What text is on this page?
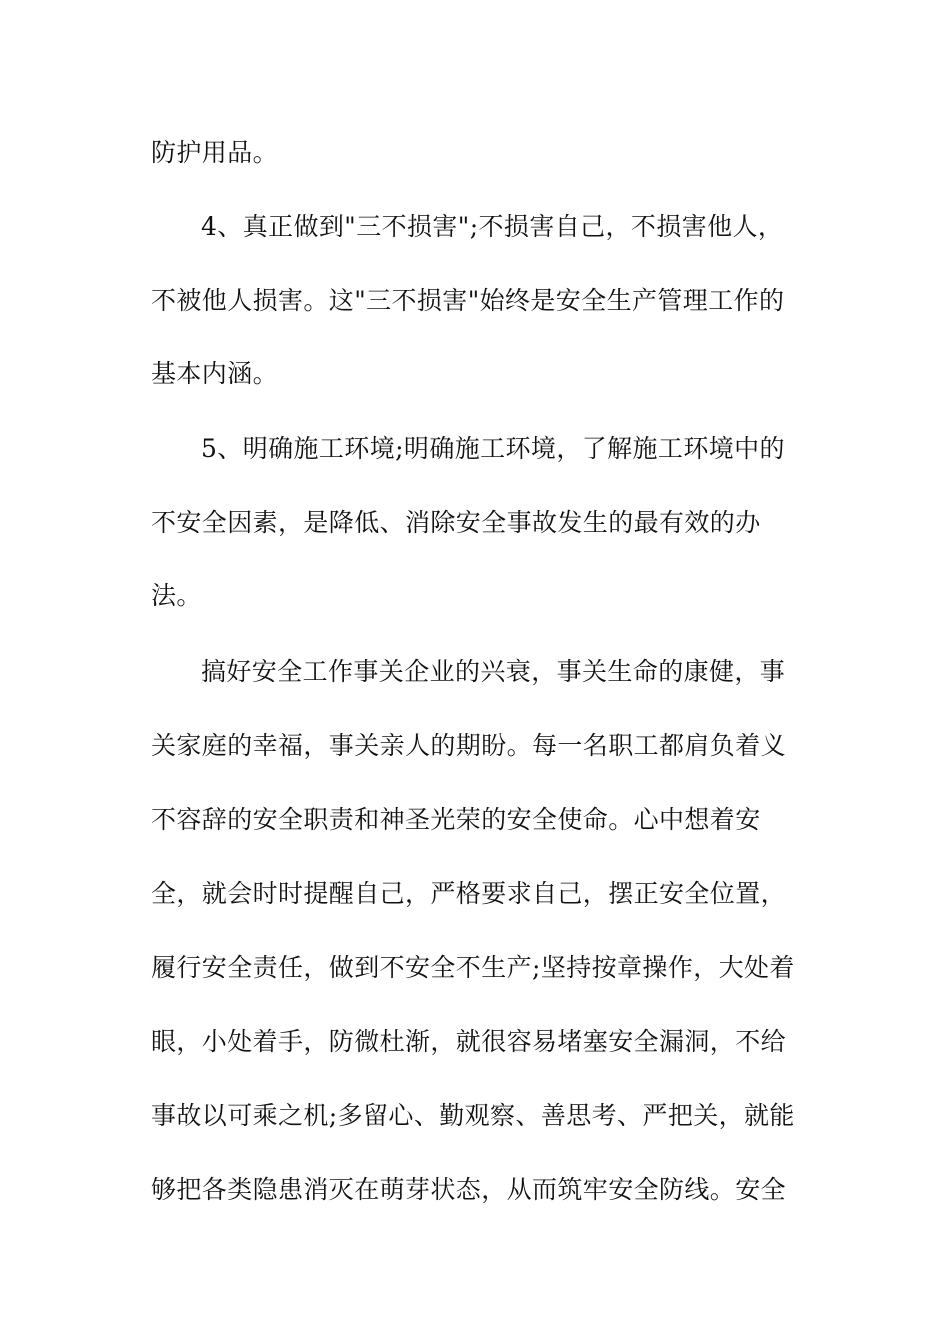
防护用品。
4、真正做到"三不损害";不损害自己，不损害他人，
不被他人损害。这"三不损害"始终是安全生产管理工作的
基本内涵。
5、明确施工环境;明确施工环境，了解施工环境中的
不安全因素，是降低、消除安全事故发生的最有效的办
法。
搞好安全工作事关企业的兴衰，事关生命的康健，事
关家庭的幸福，事关亲人的期盼。每一名职工都肩负着义
不容辞的安全职责和神圣光荣的安全使命。心中想着安
全，就会时时提醒自己，严格要求自己，摆正安全位置，
履行安全责任，做到不安全不生产;坚持按章操作，大处着
眼，小处着手，防微杜渐，就很容易堵塞安全漏洞，不给
事故以可乘之机;多留心、勤观察、善思考、严把关，就能
够把各类隐患消灭在萌芽状态，从而筑牢安全防线。安全
